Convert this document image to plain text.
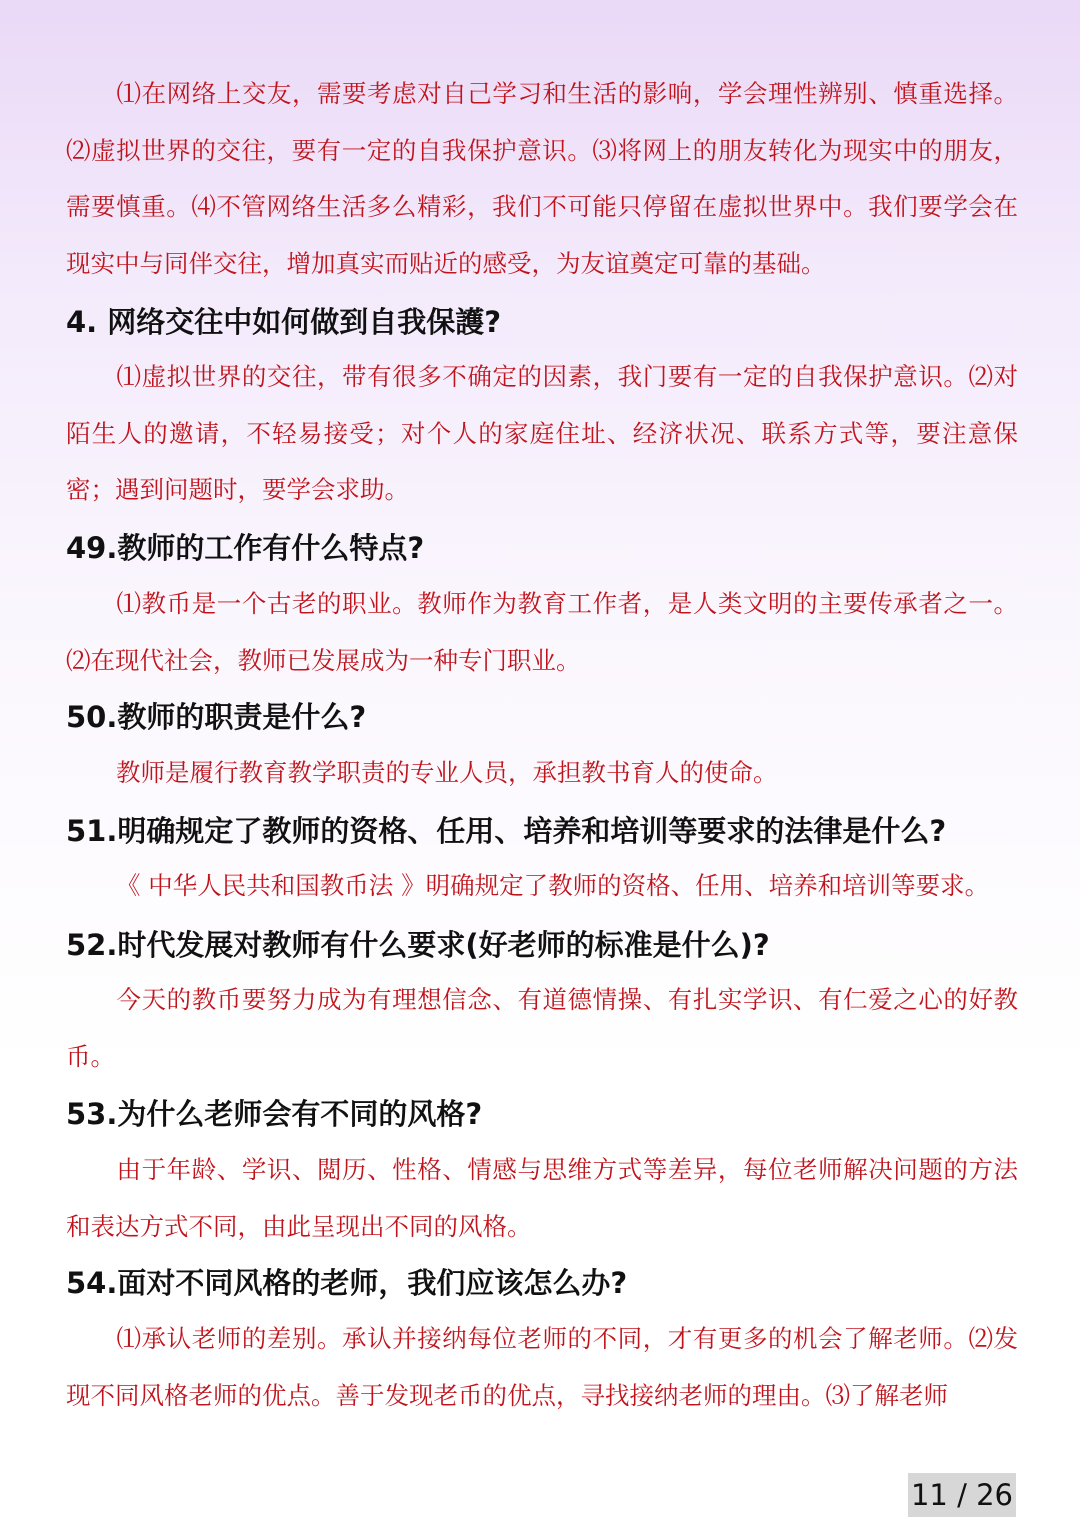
⑴在网络上交友，需要考虑对自己学习和生活的影响，学会理性辨别、慎重选择。⑵虚拟世界的交往，要有一定的自我保护意识。⑶将网上的朋友转化为现实中的朋友，需要慎重。⑷不管网络生活多么精彩，我们不可能只停留在虚拟世界中。我们要学会在现实中与同伴交往，增加真实而贴近的感受，为友谊奠定可靠的基础。

4. 网络交往中如何做到自我保護?

⑴虚拟世界的交往，带有很多不确定的因素，我门要有一定的自我保护意识。⑵对陌生人的邀请，不轻易接受；对个人的家庭住址、经济状况、联系方式等，要注意保密；遇到问题时，要学会求助。

49.教师的工作有什么特点?

⑴教币是一个古老的职业。教师作为教育工作者，是人类文明的主要传承者之一。⑵在现代社会，教师已发展成为一种专门职业。

50.教师的职责是什么?

教师是履行教育教学职责的专业人员，承担教书育人的使命。

51.明确规定了教师的资格、任用、培养和培训等要求的法律是什么?

《 中华人民共和国教币法 》明确规定了教师的资格、任用、培养和培训等要求。

52.时代发展对教师有什么要求(好老师的标准是什么)?

今天的教币要努力成为有理想信念、有道德情操、有扎实学识、有仁爱之心的好教币。

53.为什么老师会有不同的风格?

由于年龄、学识、閲历、性格、情感与思维方式等差异，每位老师解决问题的方法和表达方式不同，由此呈现出不同的风格。

54.面对不同风格的老师，我们应该怎么办?

⑴承认老师的差别。承认并接纳每位老师的不同，才有更多的机会了解老师。⑵发现不同风格老师的优点。善于发现老币的优点，寻找接纳老师的理由。⑶了解老师

11 / 26
